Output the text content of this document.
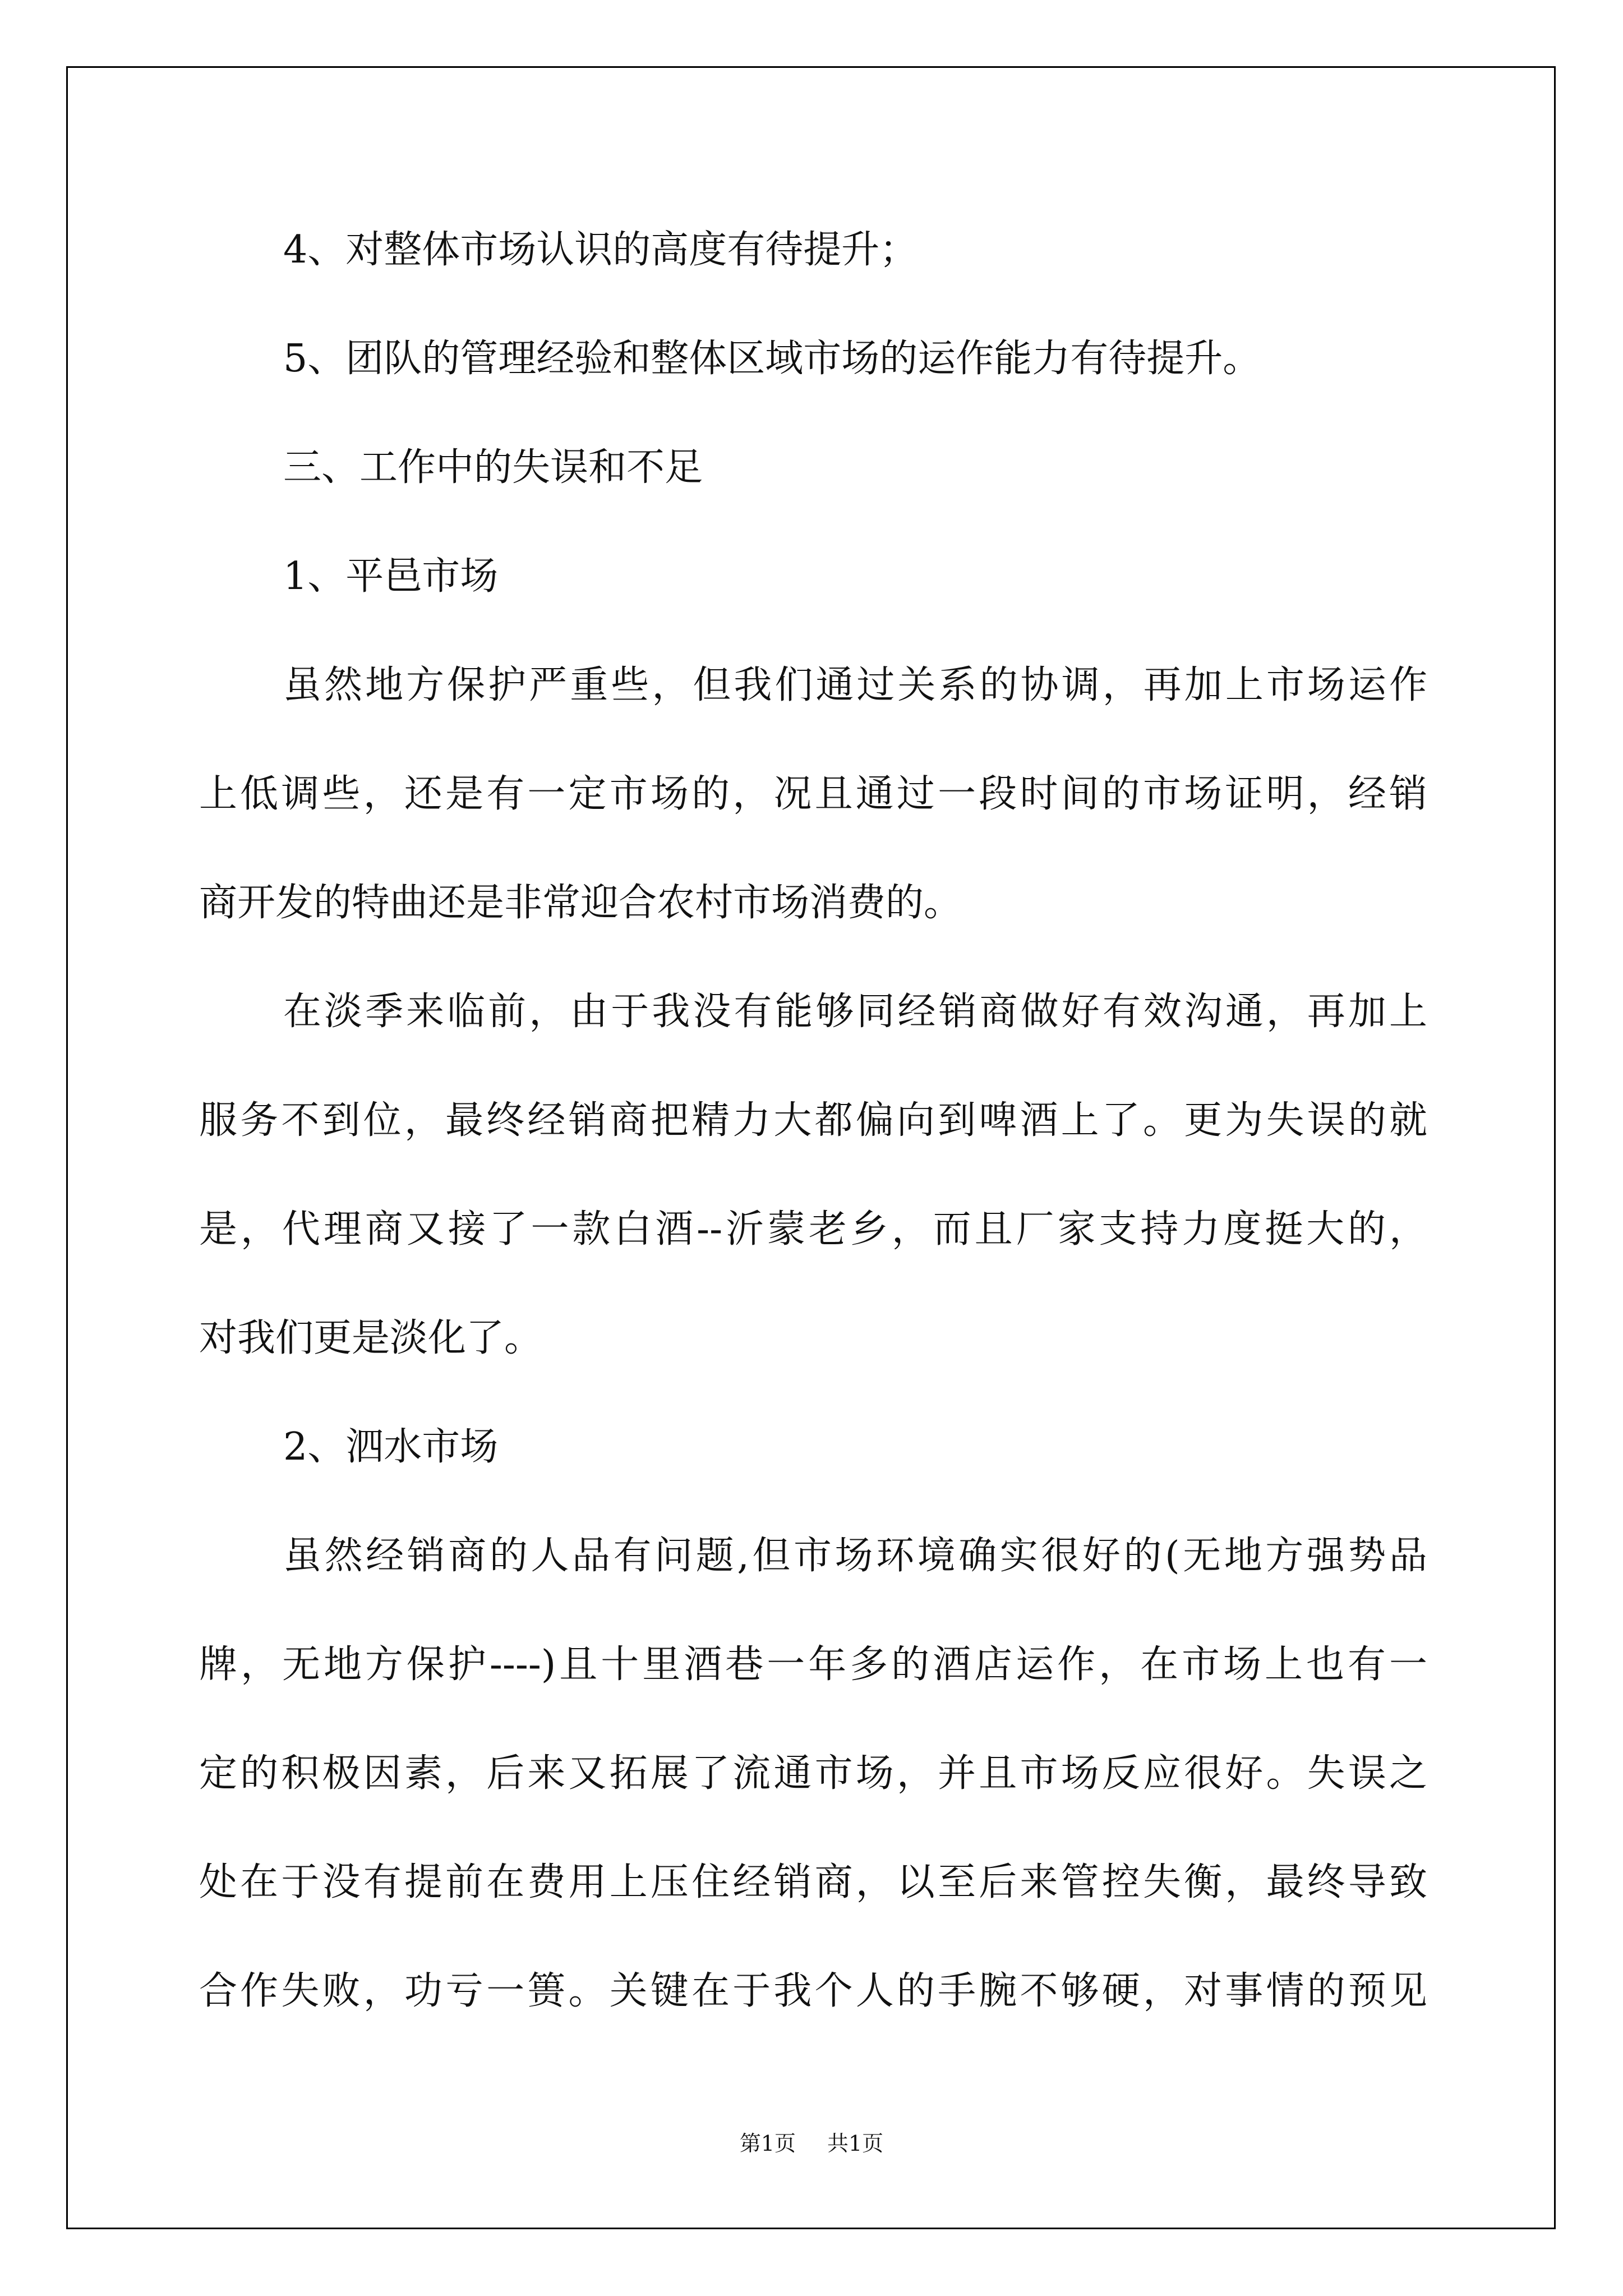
4、对整体市场认识的高度有待提升；
5、团队的管理经验和整体区域市场的运作能力有待提升。
三、工作中的失误和不足
1、平邑市场
虽然地方保护严重些，但我们通过关系的协调，再加上市场运作
上低调些，还是有一定市场的，况且通过一段时间的市场证明，经销
商开发的特曲还是非常迎合农村市场消费的。
在淡季来临前，由于我没有能够同经销商做好有效沟通，再加上
服务不到位，最终经销商把精力大都偏向到啤酒上了。更为失误的就
是，代理商又接了一款白酒--沂蒙老乡，而且厂家支持力度挺大的，
对我们更是淡化了。
2、泗水市场
虽然经销商的人品有问题,但市场环境确实很好的(无地方强势品
牌，无地方保护----)且十里酒巷一年多的酒店运作，在市场上也有一
定的积极因素，后来又拓展了流通市场，并且市场反应很好。失误之
处在于没有提前在费用上压住经销商，以至后来管控失衡，最终导致
合作失败，功亏一篑。关键在于我个人的手腕不够硬，对事情的预见
第1页 共1页
